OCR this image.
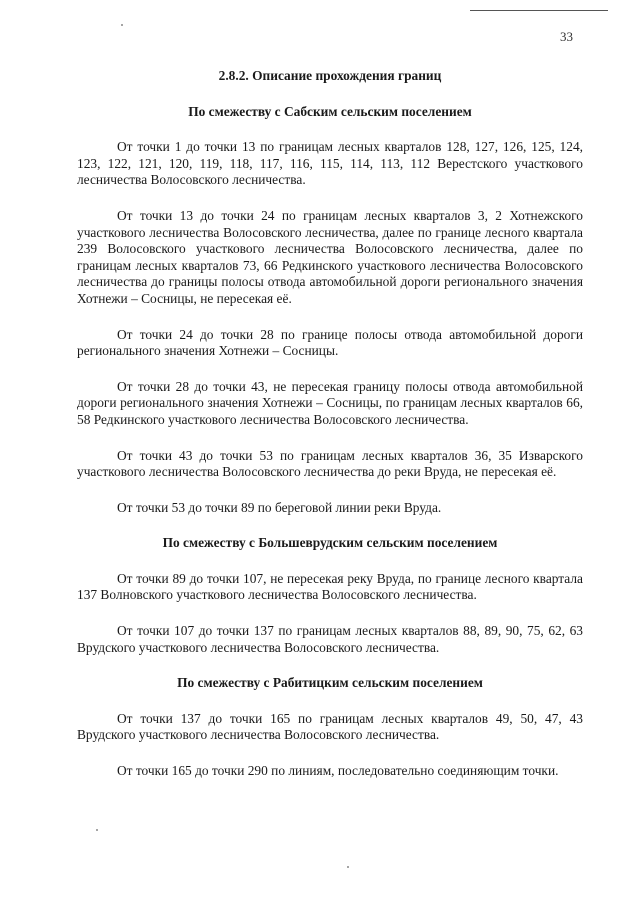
33

2.8.2. Описание прохождения границ

По смежеству с Сабским сельским поселением

От точки 1 до точки 13 по границам лесных кварталов 128, 127, 126, 125, 124, 123, 122, 121, 120, 119, 118, 117, 116, 115, 114, 113, 112 Верестского участкового лесничества Волосовского лесничества.

От точки 13 до точки 24 по границам лесных кварталов 3, 2 Хотнежского участкового лесничества Волосовского лесничества, далее по границе лесного квартала 239 Волосовского участкового лесничества Волосовского лесничества, далее по границам лесных кварталов 73, 66 Редкинского участкового лесничества Волосовского лесничества до границы полосы отвода автомобильной дороги регионального значения Хотнежи – Сосницы, не пересекая её.

От точки 24 до точки 28 по границе полосы отвода автомобильной дороги регионального значения Хотнежи – Сосницы.

От точки 28 до точки 43, не пересекая границу полосы отвода автомобильной дороги регионального значения Хотнежи – Сосницы, по границам лесных кварталов 66, 58 Редкинского участкового лесничества Волосовского лесничества.

От точки 43 до точки 53 по границам лесных кварталов 36, 35 Изварского участкового лесничества Волосовского лесничества до реки Вруда, не пересекая её.

От точки 53 до точки 89 по береговой линии реки Вруда.

По смежеству с Большеврудским сельским поселением

От точки 89 до точки 107, не пересекая реку Вруда, по границе лесного квартала 137 Волновского участкового лесничества Волосовского лесничества.

От точки 107 до точки 137 по границам лесных кварталов 88, 89, 90, 75, 62, 63 Врудского участкового лесничества Волосовского лесничества.

По смежеству с Рабитицким сельским поселением

От точки 137 до точки 165 по границам лесных кварталов 49, 50, 47, 43 Врудского участкового лесничества Волосовского лесничества.

От точки 165 до точки 290 по линиям, последовательно соединяющим точки.
